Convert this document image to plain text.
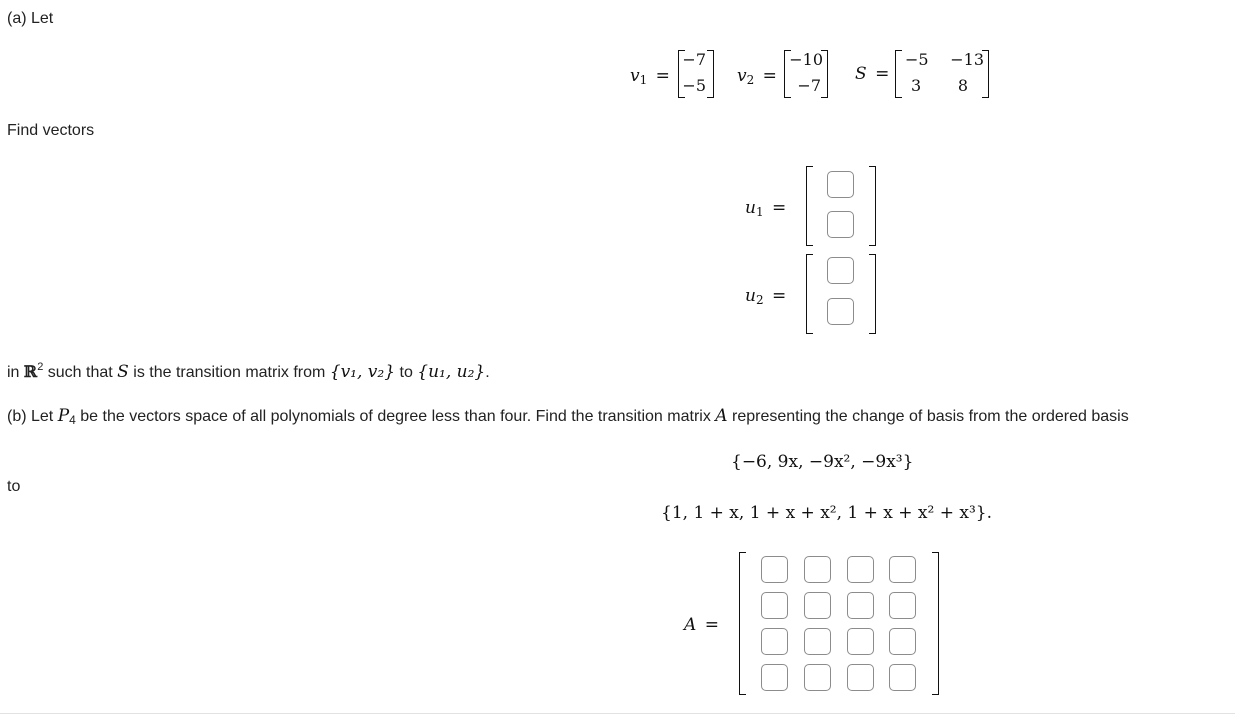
(a) Let
$v_1$ =
−7
−5 $v_2$ =
−10
−7
S =
−5 −13
3 8
Find vectors
$u_1$ =
$u_2$ =
in ℝ$^2$ such that S is the transition matrix from {v₁, v₂} to {u₁, u₂}.
(b) Let $P_4$ be the vectors space of all polynomials of degree less than four. Find the transition matrix A representing the change of basis from the ordered basis
{−6, 9x, −9x², −9x³}
to
{1, 1 + x, 1 + x + x², 1 + x + x² + x³}.
A =
